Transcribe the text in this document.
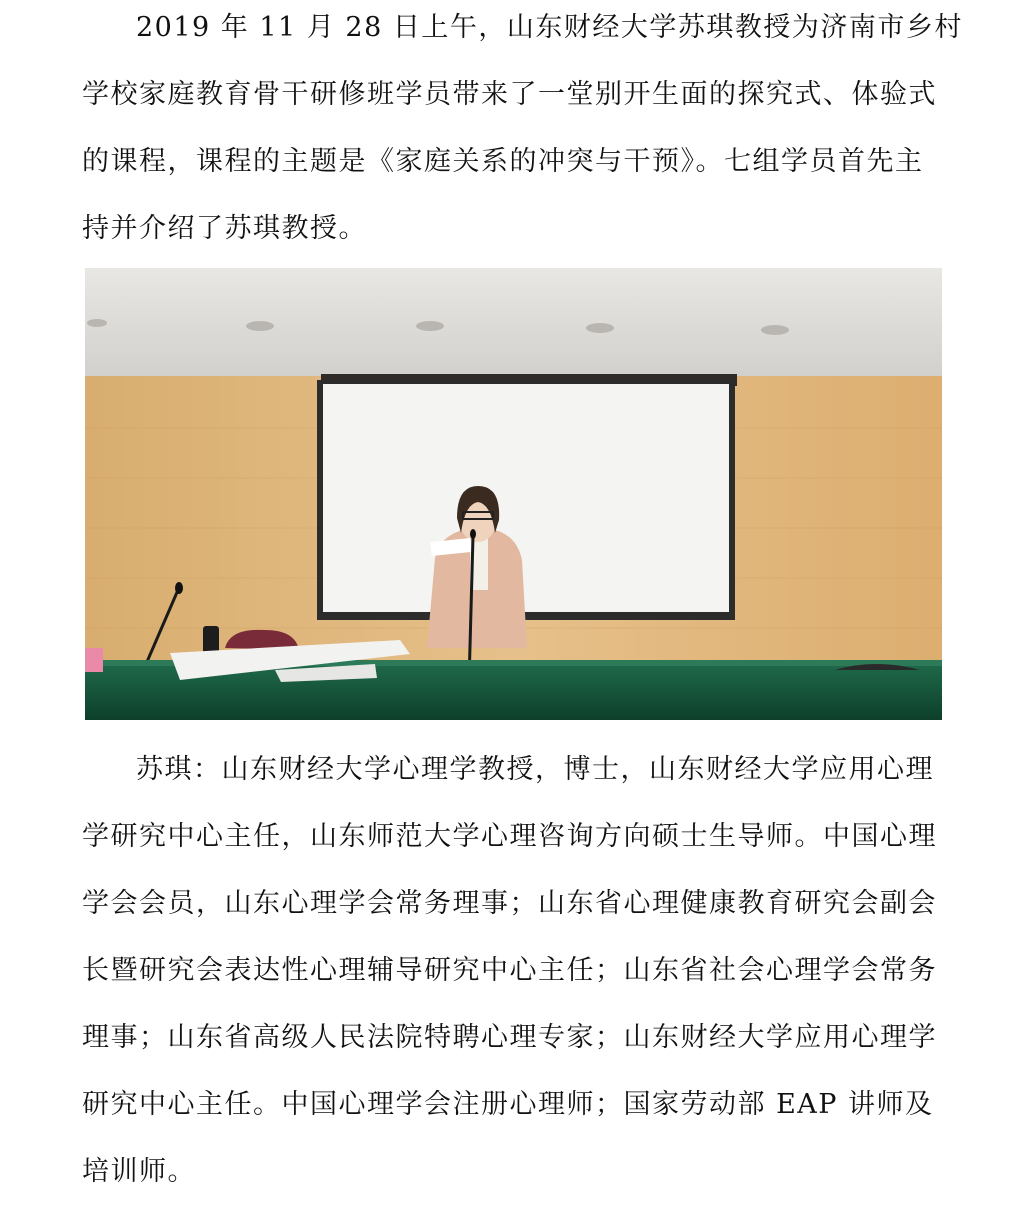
2019 年 11 月 28 日上午，山东财经大学苏琪教授为济南市乡村
学校家庭教育骨干研修班学员带来了一堂别开生面的探究式、体验式
的课程，课程的主题是《家庭关系的冲突与干预》。七组学员首先主
持并介绍了苏琪教授。
苏琪：山东财经大学心理学教授，博士，山东财经大学应用心理
学研究中心主任，山东师范大学心理咨询方向硕士生导师。中国心理
学会会员，山东心理学会常务理事；山东省心理健康教育研究会副会
长暨研究会表达性心理辅导研究中心主任；山东省社会心理学会常务
理事；山东省高级人民法院特聘心理专家；山东财经大学应用心理学
研究中心主任。中国心理学会注册心理师；国家劳动部 EAP 讲师及
培训师。
